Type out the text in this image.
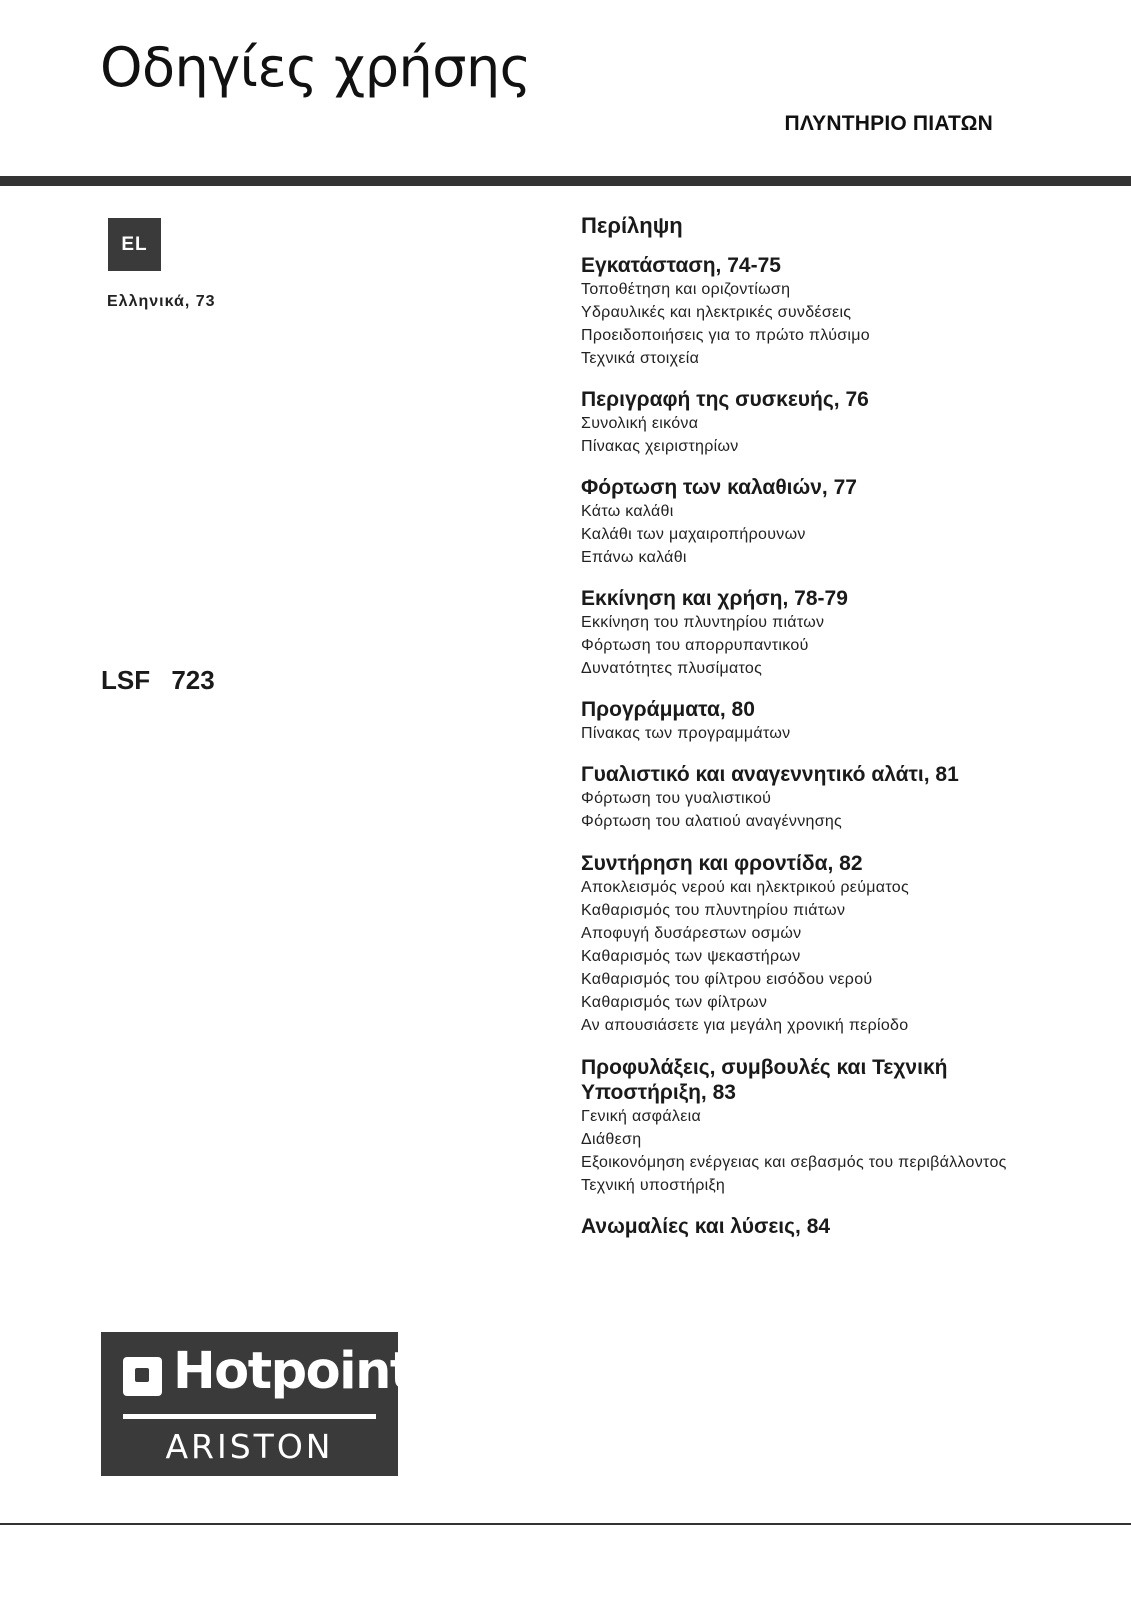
Οδηγίες χρήσης
ΠΛΥΝΤΗΡΙΟ ΠΙΑΤΩΝ
EL
Ελληνικά, 73
LSF 723
Hotpoint
ARISTON
Περίληψη
Εγκατάσταση, 74-75
Τοποθέτηση και οριζοντίωση
Υδραυλικές και ηλεκτρικές συνδέσεις
Προειδοποιήσεις για το πρώτο πλύσιμο
Τεχνικά στοιχεία
Περιγραφή της συσκευής, 76
Συνολική εικόνα
Πίνακας χειριστηρίων
Φόρτωση των καλαθιών, 77
Κάτω καλάθι
Καλάθι των μαχαιροπήρουνων
Επάνω καλάθι
Εκκίνηση και χρήση, 78-79
Εκκίνηση του πλυντηρίου πιάτων
Φόρτωση του απορρυπαντικού
Δυνατότητες πλυσίματος
Προγράμματα, 80
Πίνακας των προγραμμάτων
Γυαλιστικό και αναγεννητικό αλάτι, 81
Φόρτωση του γυαλιστικού
Φόρτωση του αλατιού αναγέννησης
Συντήρηση και φροντίδα, 82
Αποκλεισμός νερού και ηλεκτρικού ρεύματος
Καθαρισμός του πλυντηρίου πιάτων
Αποφυγή δυσάρεστων οσμών
Καθαρισμός των ψεκαστήρων
Καθαρισμός του φίλτρου εισόδου νερού
Καθαρισμός των φίλτρων
Αν απουσιάσετε για μεγάλη χρονική περίοδο
Προφυλάξεις, συμβουλές και Τεχνική Υποστήριξη, 83
Γενική ασφάλεια
Διάθεση
Εξοικονόμηση ενέργειας και σεβασμός του περιβάλλοντος
Τεχνική υποστήριξη
Ανωμαλίες και λύσεις, 84
